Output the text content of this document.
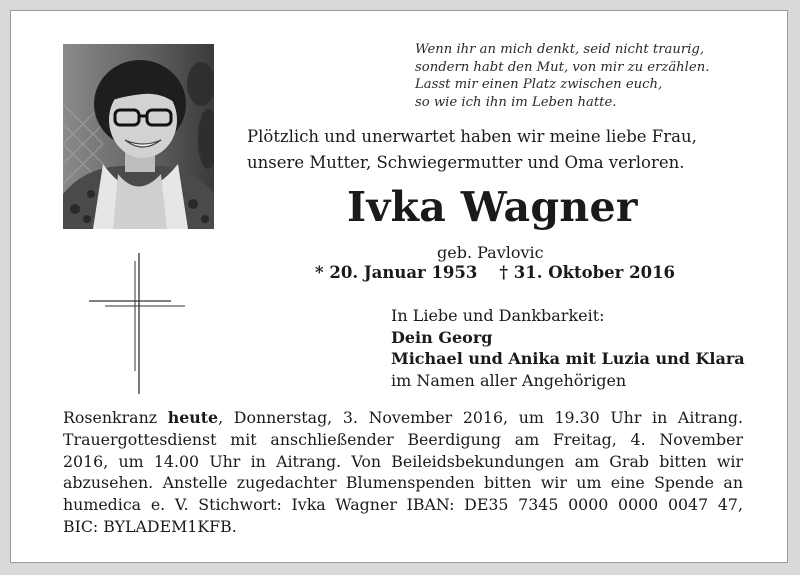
Wenn ihr an mich denkt, seid nicht traurig,
sondern habt den Mut, von mir zu erzählen.
Lasst mir einen Platz zwischen euch,
so wie ich ihn im Leben hatte.
Plötzlich und unerwartet haben wir meine liebe Frau,
unsere Mutter, Schwiegermutter und Oma verloren.
Ivka Wagner
geb. Pavlovic
* 20. Januar 1953 † 31. Oktober 2016
In Liebe und Dankbarkeit:
Dein Georg
Michael und Anika mit Luzia und Klara
im Namen aller Angehörigen
Rosenkranz heute, Donnerstag, 3. November 2016, um 19.30 Uhr in Aitrang.
Trauergottesdienst mit anschließender Beerdigung am Freitag, 4. November
2016, um 14.00 Uhr in Aitrang. Von Beileidsbekundungen am Grab bitten wir
abzusehen. Anstelle zugedachter Blumenspenden bitten wir um eine Spende an
humedica e. V. Stichwort: Ivka Wagner IBAN: DE35 7345 0000 0000 0047 47,
BIC: BYLADEM1KFB.
